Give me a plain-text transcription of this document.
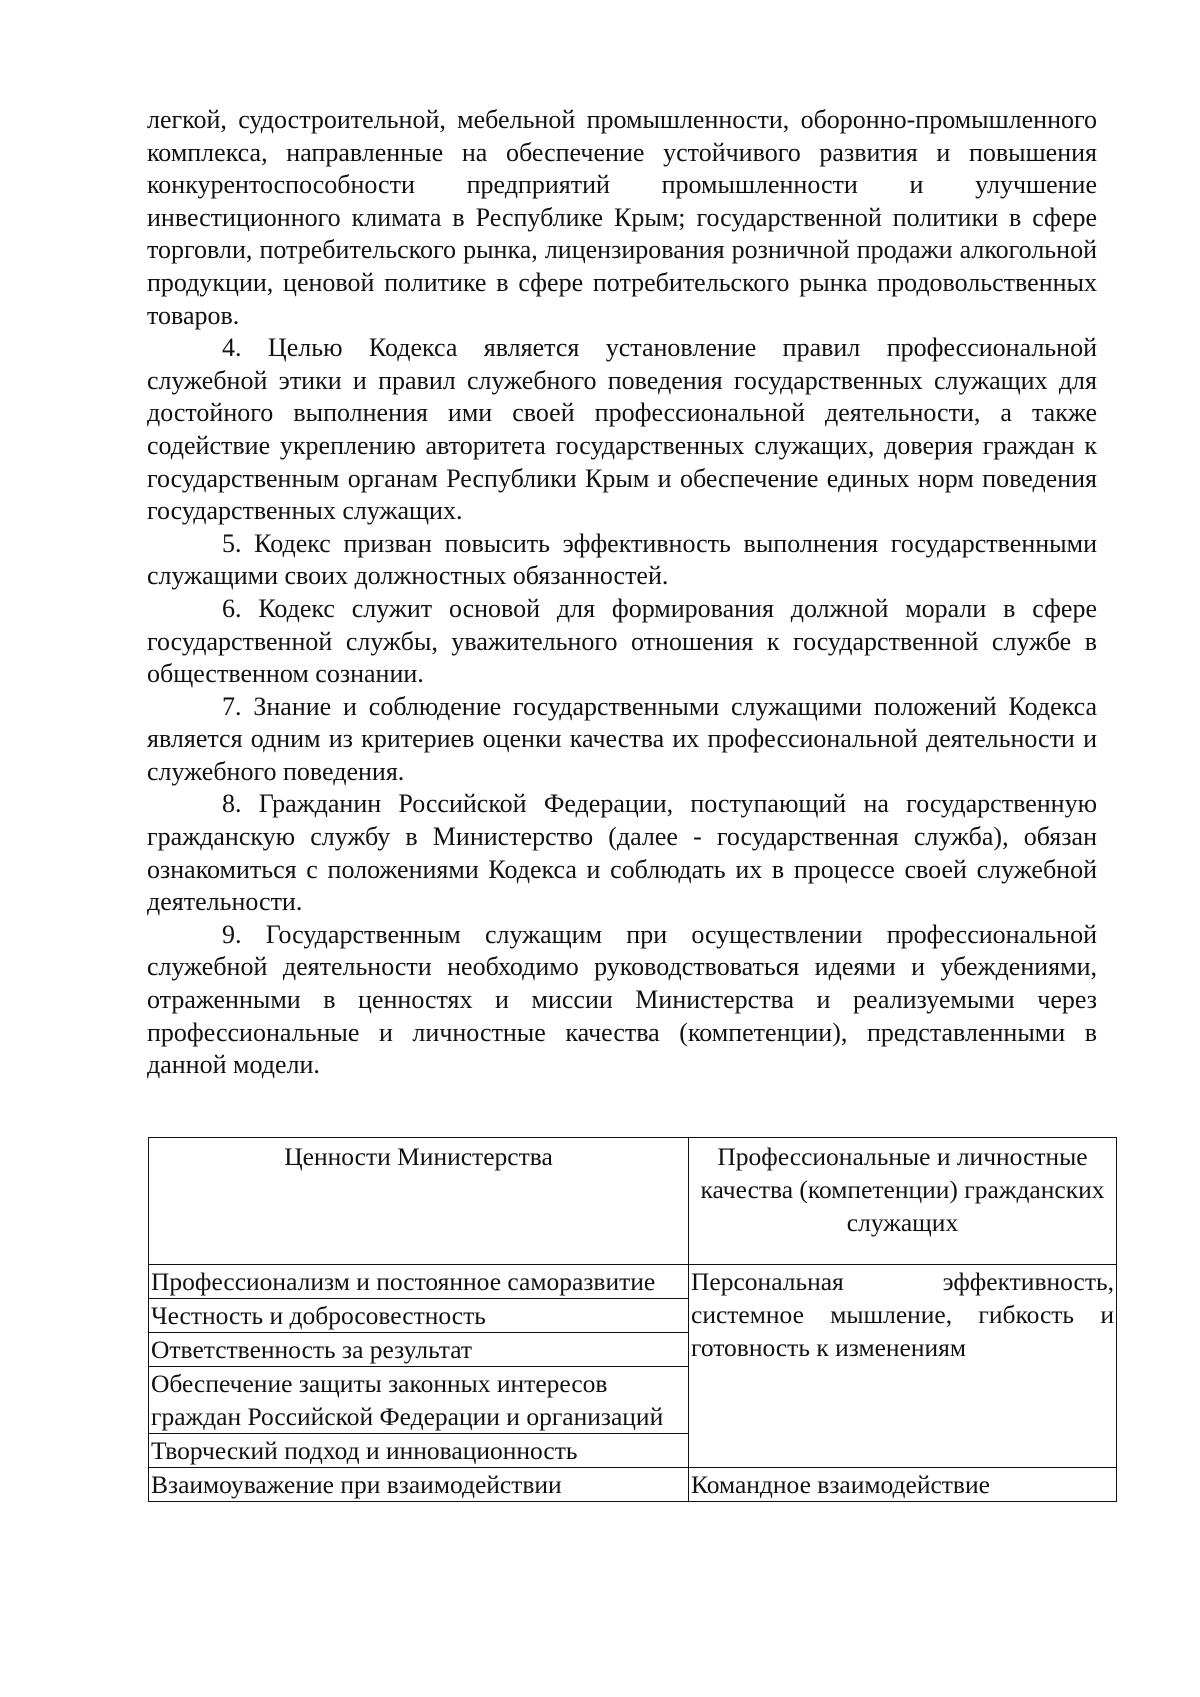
легкой, судостроительной, мебельной промышленности, оборонно-промышленного комплекса, направленные на обеспечение устойчивого развития и повышения конкурентоспособности предприятий промышленности и улучшение инвестиционного климата в Республике Крым; государственной политики в сфере торговли, потребительского рынка, лицензирования розничной продажи алкогольной продукции, ценовой политике в сфере потребительского рынка продовольственных товаров.

4. Целью Кодекса является установление правил профессиональной служебной этики и правил служебного поведения государственных служащих для достойного выполнения ими своей профессиональной деятельности, а также содействие укреплению авторитета государственных служащих, доверия граждан к государственным органам Республики Крым и обеспечение единых норм поведения государственных служащих.

5. Кодекс призван повысить эффективность выполнения государственными служащими своих должностных обязанностей.

6. Кодекс служит основой для формирования должной морали в сфере государственной службы, уважительного отношения к государственной службе в общественном сознании.

7. Знание и соблюдение государственными служащими положений Кодекса является одним из критериев оценки качества их профессиональной деятельности и служебного поведения.

8. Гражданин Российской Федерации, поступающий на государственную гражданскую службу в Министерство (далее - государственная служба), обязан ознакомиться с положениями Кодекса и соблюдать их в процессе своей служебной деятельности.

9. Государственным служащим при осуществлении профессиональной служебной деятельности необходимо руководствоваться идеями и убеждениями, отраженными в ценностях и миссии Министерства и реализуемыми через профессиональные и личностные качества (компетенции), представленными в данной модели.

Ценности Министерства	Профессиональные и личностные качества (компетенции) гражданских служащих
Профессионализм и постоянное саморазвитие	Персональная эффективность, системное мышление, гибкость и готовность к изменениям
Честность и добросовестность	
Ответственность за результат	
Обеспечение защиты законных интересов граждан Российской Федерации и организаций	
Творческий подход и инновационность	
Взаимоуважение при взаимодействии	Командное взаимодействие
